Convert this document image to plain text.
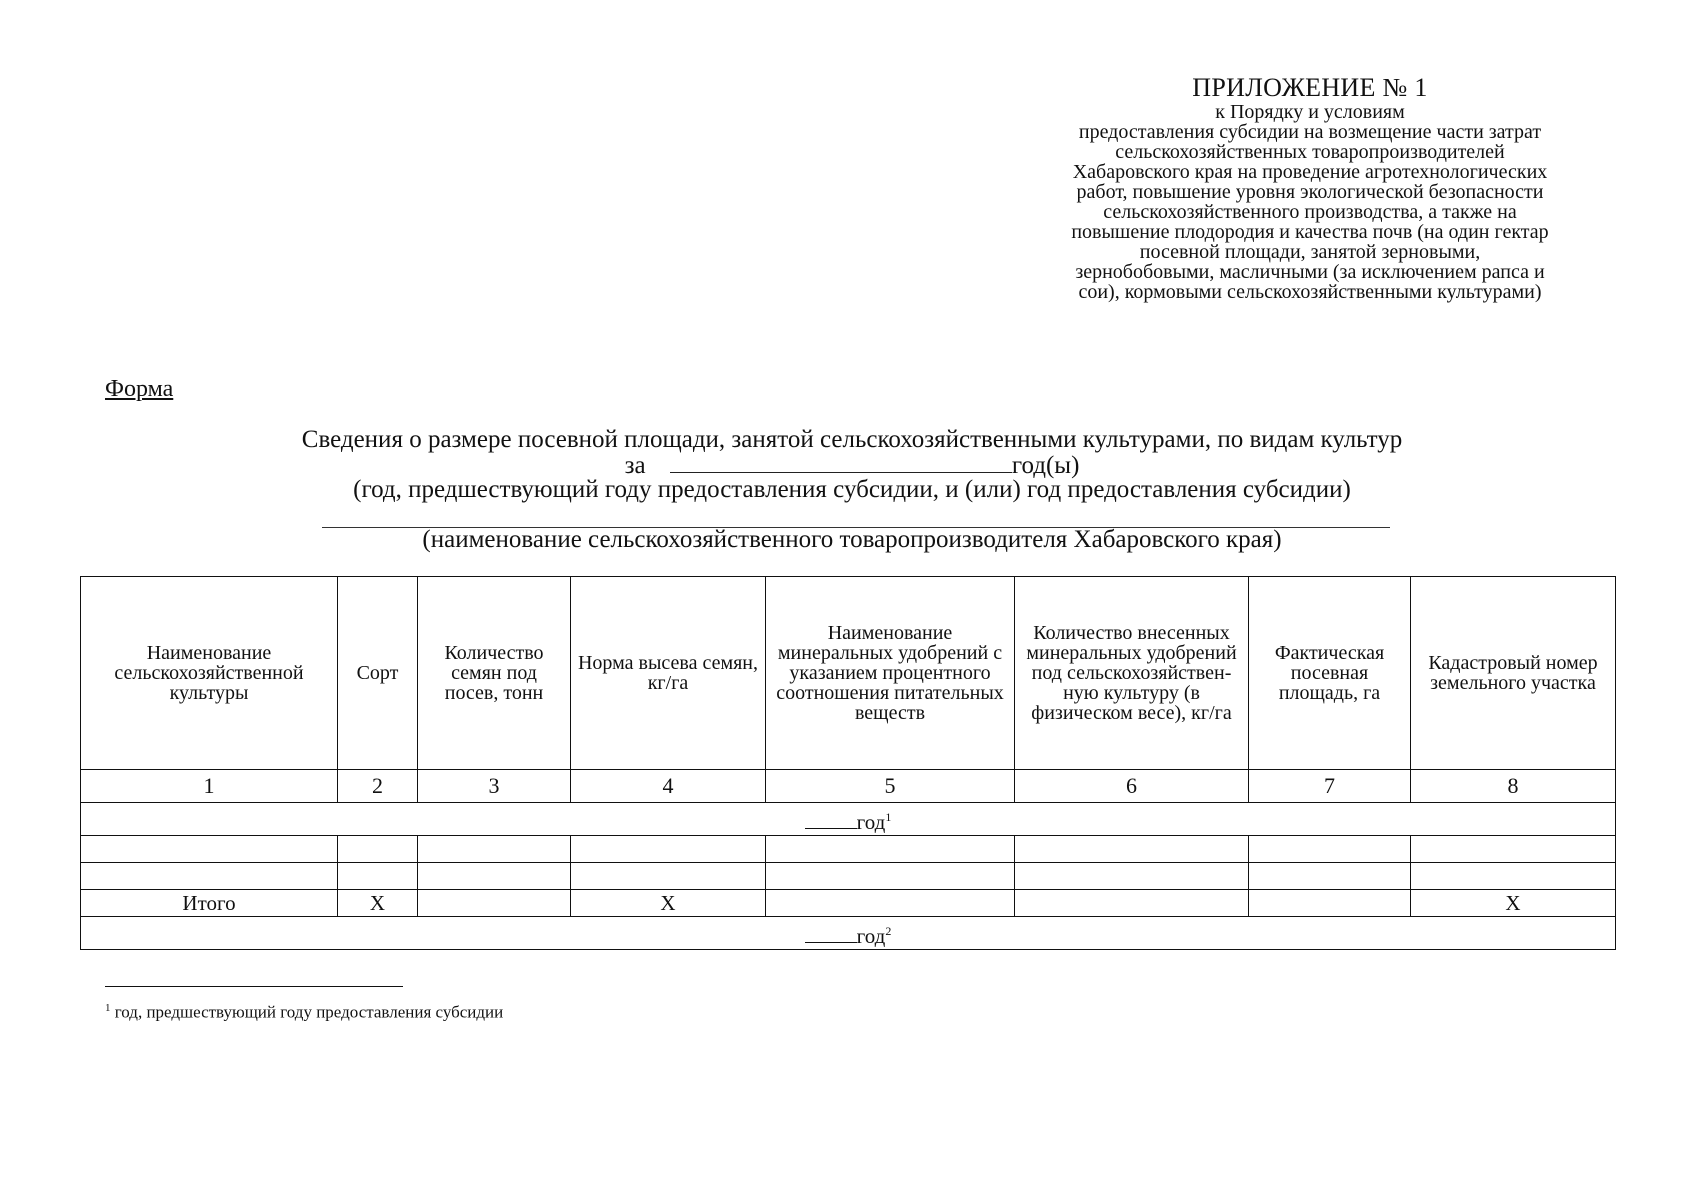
ПРИЛОЖЕНИЕ № 1
к Порядку и условиям
предоставления субсидии на возмещение части затрат
сельскохозяйственных товаропроизводителей
Хабаровского края на проведение агротехнологических
работ, повышение уровня экологической безопасности
сельскохозяйственного производства, а также на
повышение плодородия и качества почв (на один гектар
посевной площади, занятой зерновыми,
зернобобовыми, масличными (за исключением рапса и
сои), кормовыми сельскохозяйственными культурами)
Форма
Сведения о размере посевной площади, занятой сельскохозяйственными культурами, по видам культур
за	год(ы)
(год, предшествующий году предоставления субсидии, и (или) год предоставления субсидии)
(наименование сельскохозяйственного товаропроизводителя Хабаровского края)
Наименование сельскохозяйственной культуры	Сорт	Количество семян под посев, тонн	Норма высева семян, кг/га	Наименование минеральных удобрений с указанием процентного соотношения питательных веществ	Количество внесенных минеральных удобрений под сельскохозяйствен-ную культуру (в физическом весе), кг/га	Фактическая посевная площадь, га	Кадастровый номер земельного участка
1	2	3	4	5	6	7	8
год$^1$

Итого	Х		Х				Х
год$^2$
$^1$ год, предшествующий году предоставления субсидии
